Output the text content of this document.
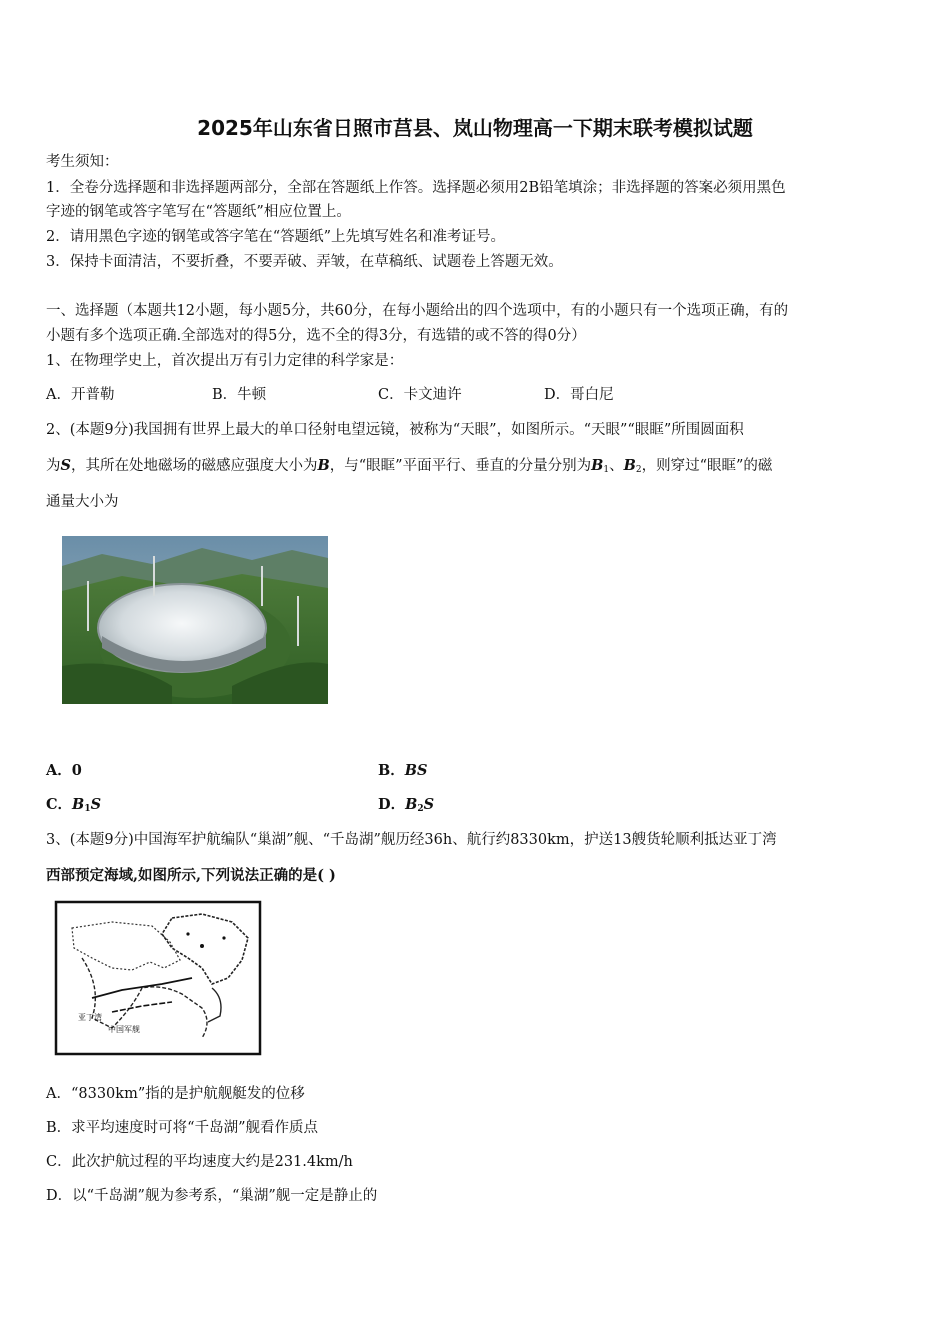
2025年山东省日照市莒县、岚山物理高一下期末联考模拟试题
考生须知：
1．全卷分选择题和非选择题两部分，全部在答题纸上作答。选择题必须用2B铅笔填涂；非选择题的答案必须用黑色
字迹的钢笔或答字笔写在“答题纸”相应位置上。
2．请用黑色字迹的钢笔或答字笔在“答题纸”上先填写姓名和准考证号。
3．保持卡面清洁，不要折叠，不要弄破、弄皱，在草稿纸、试题卷上答题无效。
一、选择题（本题共12小题，每小题5分，共60分，在每小题给出的四个选项中，有的小题只有一个选项正确，有的
小题有多个选项正确.全部选对的得5分，选不全的得3分，有选错的或不答的得0分）
1、在物理学史上，首次提出万有引力定律的科学家是：
A．开普勒	B．牛顿	C．卡文迪许	D．哥白尼
2、(本题9分)我国拥有世界上最大的单口径射电望远镜，被称为“天眼”，如图所示。“天眼”“眼眶”所围圆面积
为S，其所在处地磁场的磁感应强度大小为B，与“眼眶”平面平行、垂直的分量分别为$B_1$、$B_2$，则穿过“眼眶”的磁
通量大小为
A．0	B．BS
C．$B_1S$	D．$B_2S$
3、(本题9分)中国海军护航编队“巢湖”舰、“千岛湖”舰历经36h、航行约8330km，护送13艘货轮顺利抵达亚丁湾
西部预定海域,如图所示,下列说法正确的是( )
亚丁湾
中国军舰
A．“8330km”指的是护航舰艇发的位移
B．求平均速度时可将“千岛湖”舰看作质点
C．此次护航过程的平均速度大约是231.4km/h
D．以“千岛湖”舰为参考系，“巢湖”舰一定是静止的
